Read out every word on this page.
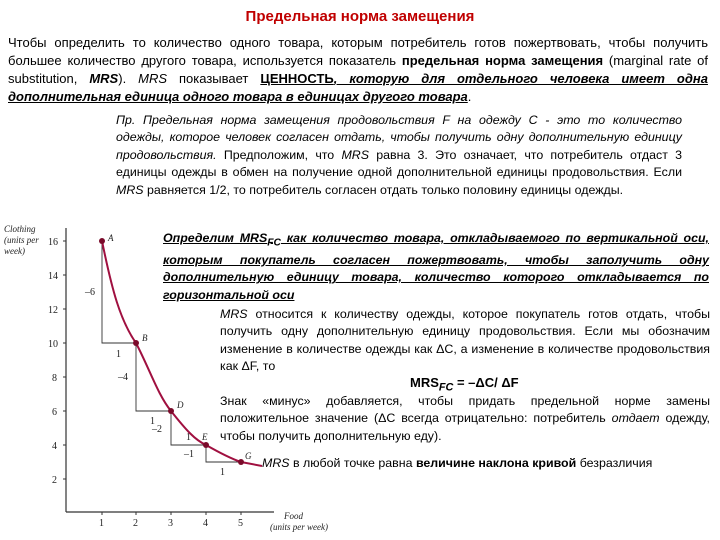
Предельная норма замещения
Чтобы определить то количество одного товара, которым потребитель готов пожертвовать, чтобы получить большее количество другого товара, используется показатель предельная норма замещения (marginal rate of substitution, MRS). MRS показывает ЦЕННОСТЬ, которую для отдельного человека имеет одна дополнительная единица одного товара в единицах другого товара.
Пр. Предельная норма замещения продовольствия F на одежду C - это то количество одежды, которое человек согласен отдать, чтобы получить одну дополнительную единицу продовольствия. Предположим, что MRS равна 3. Это означает, что потребитель отдаст 3 единицы одежды в обмен на получение одной дополнительной единицы продовольствия. Если MRS равняется 1/2, то потребитель согласен отдать только половину единицы одежды.
Определим $MRS_{FC}$ как количество товара, откладываемого по вертикальной оси, которым покупатель согласен пожертвовать, чтобы заполучить одну дополнительную единицу товара, количество которого откладывается по горизонтальной оси
MRS относится к количеству одежды, которое покупатель готов отдать, чтобы получить одну дополнительную единицу продовольствия. Если мы обозначим изменение в количестве одежды как ΔC, а изменение в количестве продовольствия как ΔF, то
$MRS_{FC} = -\Delta C/$ ΔF
Знак «минус» добавляется, чтобы придать предельной норме замены положительное значение (ΔC всегда отрицательно: потребитель отдает одежду, чтобы получить дополнительную еду).
MRS в любой точке равна величине наклона кривой безразличия
Clothing
(units per
week)
16
14
12
10
8
6
4
2
1	2	3	4	5
Food
(units per week)
–6
1
–4
1
–2
1
1
A
B
D
E
G
–1
